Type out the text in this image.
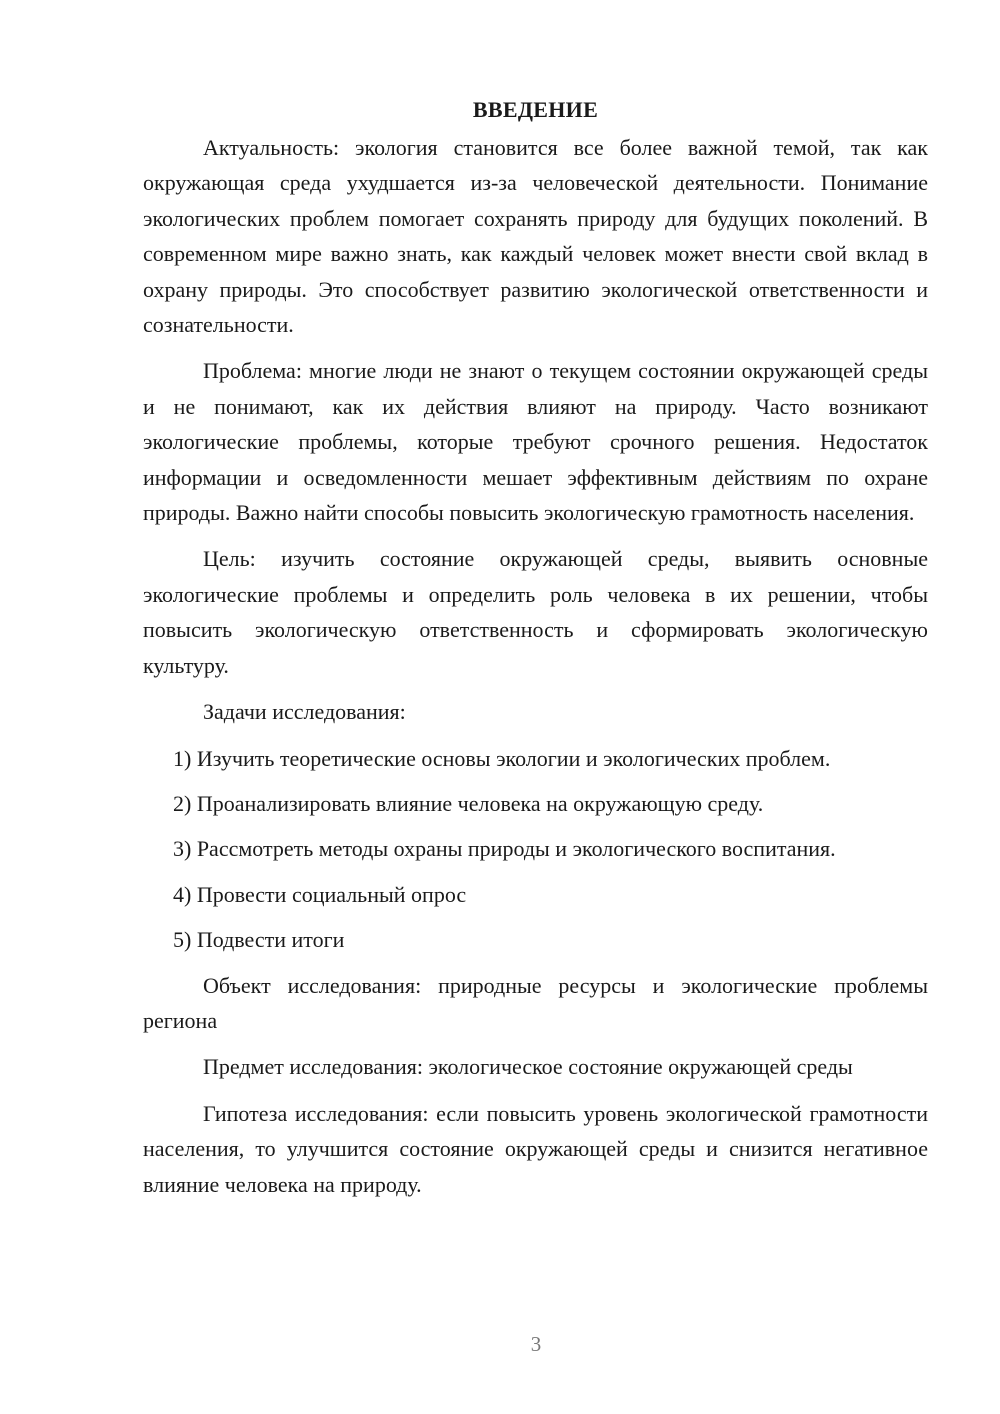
ВВЕДЕНИЕ

Актуальность: экология становится все более важной темой, так как окружающая среда ухудшается из-за человеческой деятельности. Понимание экологических проблем помогает сохранять природу для будущих поколений. В современном мире важно знать, как каждый человек может внести свой вклад в охрану природы. Это способствует развитию экологической ответственности и сознательности.

Проблема: многие люди не знают о текущем состоянии окружающей среды и не понимают, как их действия влияют на природу. Часто возникают экологические проблемы, которые требуют срочного решения. Недостаток информации и осведомленности мешает эффективным действиям по охране природы. Важно найти способы повысить экологическую грамотность населения.

Цель: изучить состояние окружающей среды, выявить основные экологические проблемы и определить роль человека в их решении, чтобы повысить экологическую ответственность и сформировать экологическую культуру.

Задачи исследования:

1) Изучить теоретические основы экологии и экологических проблем.

2) Проанализировать влияние человека на окружающую среду.

3) Рассмотреть методы охраны природы и экологического воспитания.

4) Провести социальный опрос

5) Подвести итоги

Объект исследования: природные ресурсы и экологические проблемы региона

Предмет исследования: экологическое состояние окружающей среды

Гипотеза исследования: если повысить уровень экологической грамотности населения, то улучшится состояние окружающей среды и снизится негативное влияние человека на природу.

3
